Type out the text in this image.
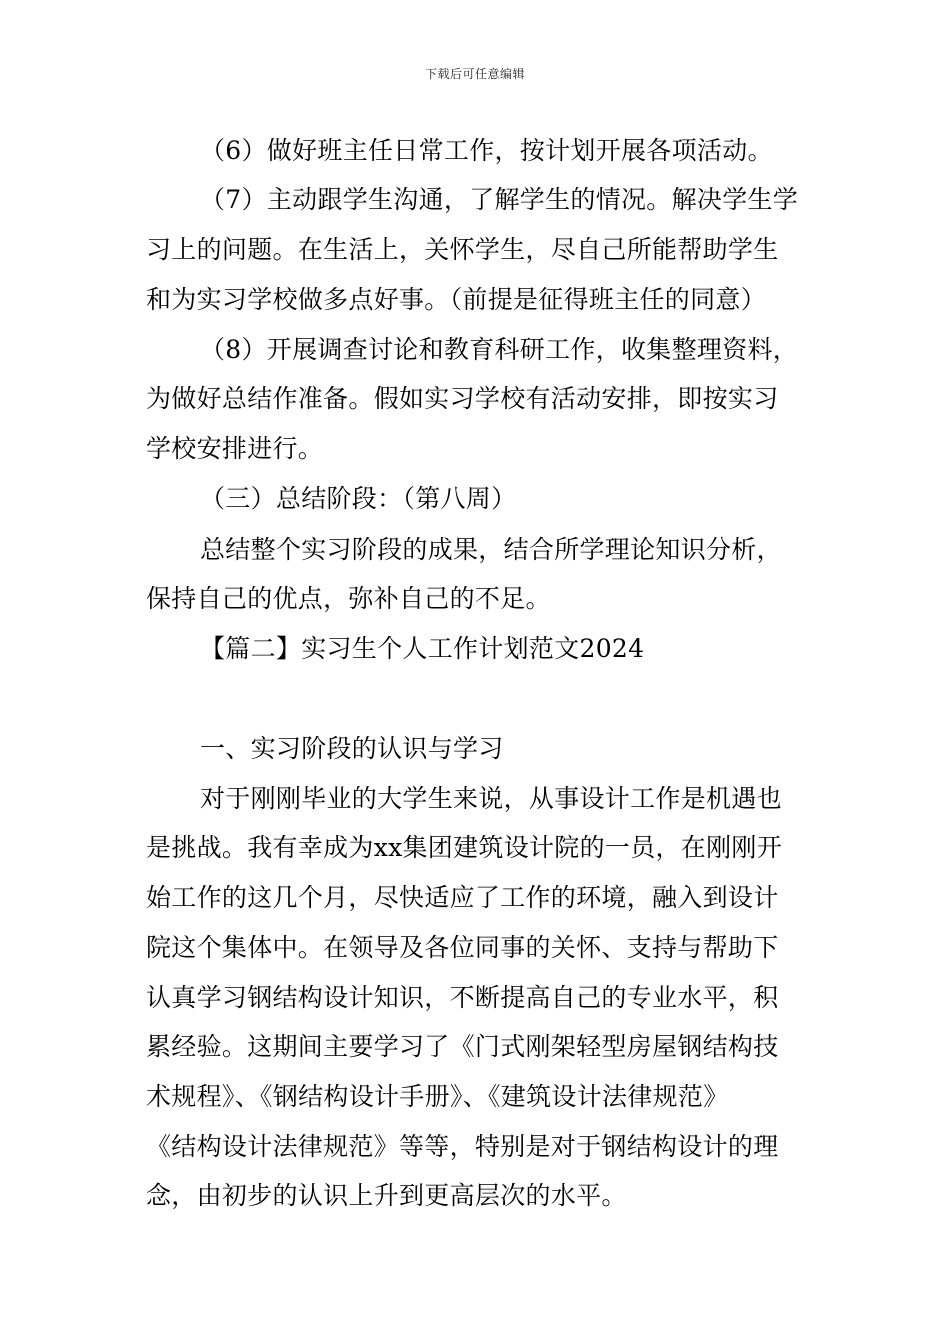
下载后可任意编辑
（6）做好班主任日常工作，按计划开展各项活动。
（7）主动跟学生沟通，了解学生的情况。解决学生学
习上的问题。在生活上，关怀学生，尽自己所能帮助学生
和为实习学校做多点好事。（前提是征得班主任的同意）
（8）开展调查讨论和教育科研工作，收集整理资料，
为做好总结作准备。假如实习学校有活动安排，即按实习
学校安排进行。
（三）总结阶段：（第八周）
总结整个实习阶段的成果，结合所学理论知识分析，
保持自己的优点，弥补自己的不足。
【篇二】实习生个人工作计划范文2024
一、实习阶段的认识与学习
对于刚刚毕业的大学生来说，从事设计工作是机遇也
是挑战。我有幸成为xx集团建筑设计院的一员，在刚刚开
始工作的这几个月，尽快适应了工作的环境，融入到设计
院这个集体中。在领导及各位同事的关怀、支持与帮助下
认真学习钢结构设计知识，不断提高自己的专业水平，积
累经验。这期间主要学习了《门式刚架轻型房屋钢结构技
术规程》、《钢结构设计手册》、《建筑设计法律规范》
《结构设计法律规范》等等，特别是对于钢结构设计的理
念，由初步的认识上升到更高层次的水平。
